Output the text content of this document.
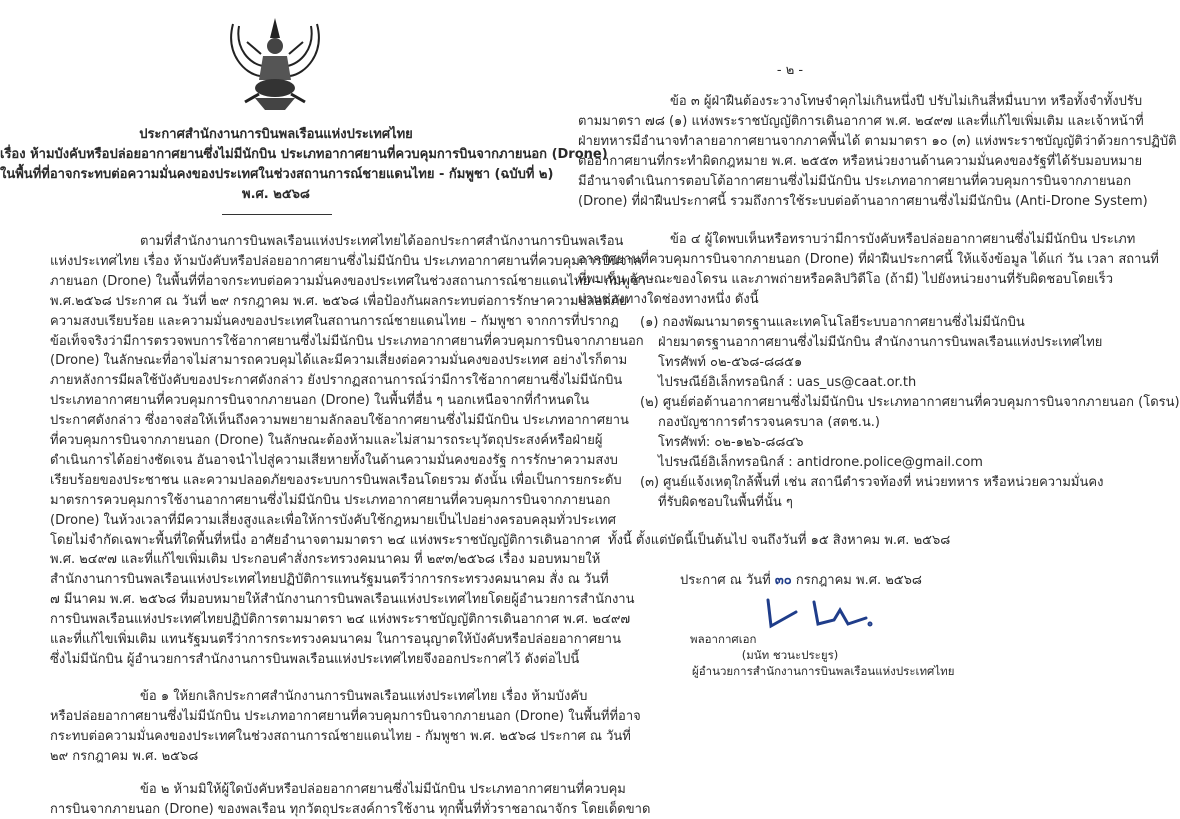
ประกาศสำนักงานการบินพลเรือนแห่งประเทศไทย
เรื่อง ห้ามบังคับหรือปล่อยอากาศยานซึ่งไม่มีนักบิน ประเภทอากาศยานที่ควบคุมการบินจากภายนอก (Drone)
ในพื้นที่ที่อาจกระทบต่อความมั่นคงของประเทศในช่วงสถานการณ์ชายแดนไทย - กัมพูชา (ฉบับที่ ๒)
พ.ศ. ๒๕๖๘
ตามที่สำนักงานการบินพลเรือนแห่งประเทศไทยได้ออกประกาศสำนักงานการบินพลเรือน
แห่งประเทศไทย เรื่อง ห้ามบังคับหรือปล่อยอากาศยานซึ่งไม่มีนักบิน ประเภทอากาศยานที่ควบคุมการบินจาก
ภายนอก (Drone) ในพื้นที่ที่อาจกระทบต่อความมั่นคงของประเทศในช่วงสถานการณ์ชายแดนไทย – กัมพูชา
พ.ศ.๒๕๖๘ ประกาศ ณ วันที่ ๒๙ กรกฎาคม พ.ศ. ๒๕๖๘ เพื่อป้องกันผลกระทบต่อการรักษาความปลอดภัย
ความสงบเรียบร้อย และความมั่นคงของประเทศในสถานการณ์ชายแดนไทย – กัมพูชา จากการที่ปรากฏ
ข้อเท็จจริงว่ามีการตรวจพบการใช้อากาศยานซึ่งไม่มีนักบิน ประเภทอากาศยานที่ควบคุมการบินจากภายนอก
(Drone) ในลักษณะที่อาจไม่สามารถควบคุมได้และมีความเสี่ยงต่อความมั่นคงของประเทศ อย่างไรก็ตาม
ภายหลังการมีผลใช้บังคับของประกาศดังกล่าว ยังปรากฏสถานการณ์ว่ามีการใช้อากาศยานซึ่งไม่มีนักบิน
ประเภทอากาศยานที่ควบคุมการบินจากภายนอก (Drone) ในพื้นที่อื่น ๆ นอกเหนือจากที่กำหนดใน
ประกาศดังกล่าว ซึ่งอาจส่อให้เห็นถึงความพยายามลักลอบใช้อากาศยานซึ่งไม่มีนักบิน ประเภทอากาศยาน
ที่ควบคุมการบินจากภายนอก (Drone) ในลักษณะต้องห้ามและไม่สามารถระบุวัตถุประสงค์หรือฝ่ายผู้
ดำเนินการได้อย่างชัดเจน อันอาจนำไปสู่ความเสียหายทั้งในด้านความมั่นคงของรัฐ การรักษาความสงบ
เรียบร้อยของประชาชน และความปลอดภัยของระบบการบินพลเรือนโดยรวม ดังนั้น เพื่อเป็นการยกระดับ
มาตรการควบคุมการใช้งานอากาศยานซึ่งไม่มีนักบิน ประเภทอากาศยานที่ควบคุมการบินจากภายนอก
(Drone) ในห้วงเวลาที่มีความเสี่ยงสูงและเพื่อให้การบังคับใช้กฎหมายเป็นไปอย่างครอบคลุมทั่วประเทศ
โดยไม่จำกัดเฉพาะพื้นที่ใดพื้นที่หนึ่ง อาศัยอำนาจตามมาตรา ๒๔ แห่งพระราชบัญญัติการเดินอากาศ
พ.ศ. ๒๔๙๗ และที่แก้ไขเพิ่มเติม ประกอบคำสั่งกระทรวงคมนาคม ที่ ๒๙๓/๒๕๖๘ เรื่อง มอบหมายให้
สำนักงานการบินพลเรือนแห่งประเทศไทยปฏิบัติการแทนรัฐมนตรีว่าการกระทรวงคมนาคม สั่ง ณ วันที่
๗ มีนาคม พ.ศ. ๒๕๖๘ ที่มอบหมายให้สำนักงานการบินพลเรือนแห่งประเทศไทยโดยผู้อำนวยการสำนักงาน
การบินพลเรือนแห่งประเทศไทยปฏิบัติการตามมาตรา ๒๔ แห่งพระราชบัญญัติการเดินอากาศ พ.ศ. ๒๔๙๗
และที่แก้ไขเพิ่มเติม แทนรัฐมนตรีว่าการกระทรวงคมนาคม ในการอนุญาตให้บังคับหรือปล่อยอากาศยาน
ซึ่งไม่มีนักบิน ผู้อำนวยการสำนักงานการบินพลเรือนแห่งประเทศไทยจึงออกประกาศไว้ ดังต่อไปนี้
ข้อ ๑ ให้ยกเลิกประกาศสำนักงานการบินพลเรือนแห่งประเทศไทย เรื่อง ห้ามบังคับ
หรือปล่อยอากาศยานซึ่งไม่มีนักบิน ประเภทอากาศยานที่ควบคุมการบินจากภายนอก (Drone) ในพื้นที่ที่อาจ
กระทบต่อความมั่นคงของประเทศในช่วงสถานการณ์ชายแดนไทย - กัมพูชา พ.ศ. ๒๕๖๘ ประกาศ ณ วันที่
๒๙ กรกฎาคม พ.ศ. ๒๕๖๘
ข้อ ๒ ห้ามมิให้ผู้ใดบังคับหรือปล่อยอากาศยานซึ่งไม่มีนักบิน ประเภทอากาศยานที่ควบคุม
การบินจากภายนอก (Drone) ของพลเรือน ทุกวัตถุประสงค์การใช้งาน ทุกพื้นที่ทั่วราชอาณาจักร โดยเด็ดขาด
- ๒ -
ข้อ ๓ ผู้ฝ่าฝืนต้องระวางโทษจำคุกไม่เกินหนึ่งปี ปรับไม่เกินสี่หมื่นบาท หรือทั้งจำทั้งปรับ
ตามมาตรา ๗๘ (๑) แห่งพระราชบัญญัติการเดินอากาศ พ.ศ. ๒๔๙๗ และที่แก้ไขเพิ่มเติม และเจ้าหน้าที่
ฝ่ายทหารมีอำนาจทำลายอากาศยานจากภาคพื้นได้ ตามมาตรา ๑๐ (๓) แห่งพระราชบัญญัติว่าด้วยการปฏิบัติ
ต่ออากาศยานที่กระทำผิดกฎหมาย พ.ศ. ๒๕๕๓ หรือหน่วยงานด้านความมั่นคงของรัฐที่ได้รับมอบหมาย
มีอำนาจดำเนินการตอบโต้อากาศยานซึ่งไม่มีนักบิน ประเภทอากาศยานที่ควบคุมการบินจากภายนอก
(Drone) ที่ฝ่าฝืนประกาศนี้ รวมถึงการใช้ระบบต่อต้านอากาศยานซึ่งไม่มีนักบิน (Anti-Drone System)
ข้อ ๔ ผู้ใดพบเห็นหรือทราบว่ามีการบังคับหรือปล่อยอากาศยานซึ่งไม่มีนักบิน ประเภท
อากาศยานที่ควบคุมการบินจากภายนอก (Drone) ที่ฝ่าฝืนประกาศนี้ ให้แจ้งข้อมูล ได้แก่ วัน เวลา สถานที่
ที่พบเห็น ลักษณะของโดรน และภาพถ่ายหรือคลิปวิดีโอ (ถ้ามี) ไปยังหน่วยงานที่รับผิดชอบโดยเร็ว
ผ่านช่องทางใดช่องทางหนึ่ง ดังนี้
(๑) กองพัฒนามาตรฐานและเทคโนโลยีระบบอากาศยานซึ่งไม่มีนักบิน
ฝ่ายมาตรฐานอากาศยานซึ่งไม่มีนักบิน สำนักงานการบินพลเรือนแห่งประเทศไทย
โทรศัพท์ ๐๒-๕๖๘-๘๘๕๑
ไปรษณีย์อิเล็กทรอนิกส์ : uas_us@caat.or.th
(๒) ศูนย์ต่อต้านอากาศยานซึ่งไม่มีนักบิน ประเภทอากาศยานที่ควบคุมการบินจากภายนอก (โดรน)
กองบัญชาการตำรวจนครบาล (สตช.น.)
โทรศัพท์: ๐๒-๑๒๖-๘๘๔๖
ไปรษณีย์อิเล็กทรอนิกส์ : antidrone.police@gmail.com
(๓) ศูนย์แจ้งเหตุใกล้พื้นที่ เช่น สถานีตำรวจท้องที่ หน่วยทหาร หรือหน่วยความมั่นคง
ที่รับผิดชอบในพื้นที่นั้น ๆ
ทั้งนี้ ตั้งแต่บัดนี้เป็นต้นไป จนถึงวันที่ ๑๕ สิงหาคม พ.ศ. ๒๕๖๘
ประกาศ ณ วันที่ ๓๐ กรกฎาคม พ.ศ. ๒๕๖๘
พลอากาศเอก
(มนัท ชวนะประยูร)
ผู้อำนวยการสำนักงานการบินพลเรือนแห่งประเทศไทย
